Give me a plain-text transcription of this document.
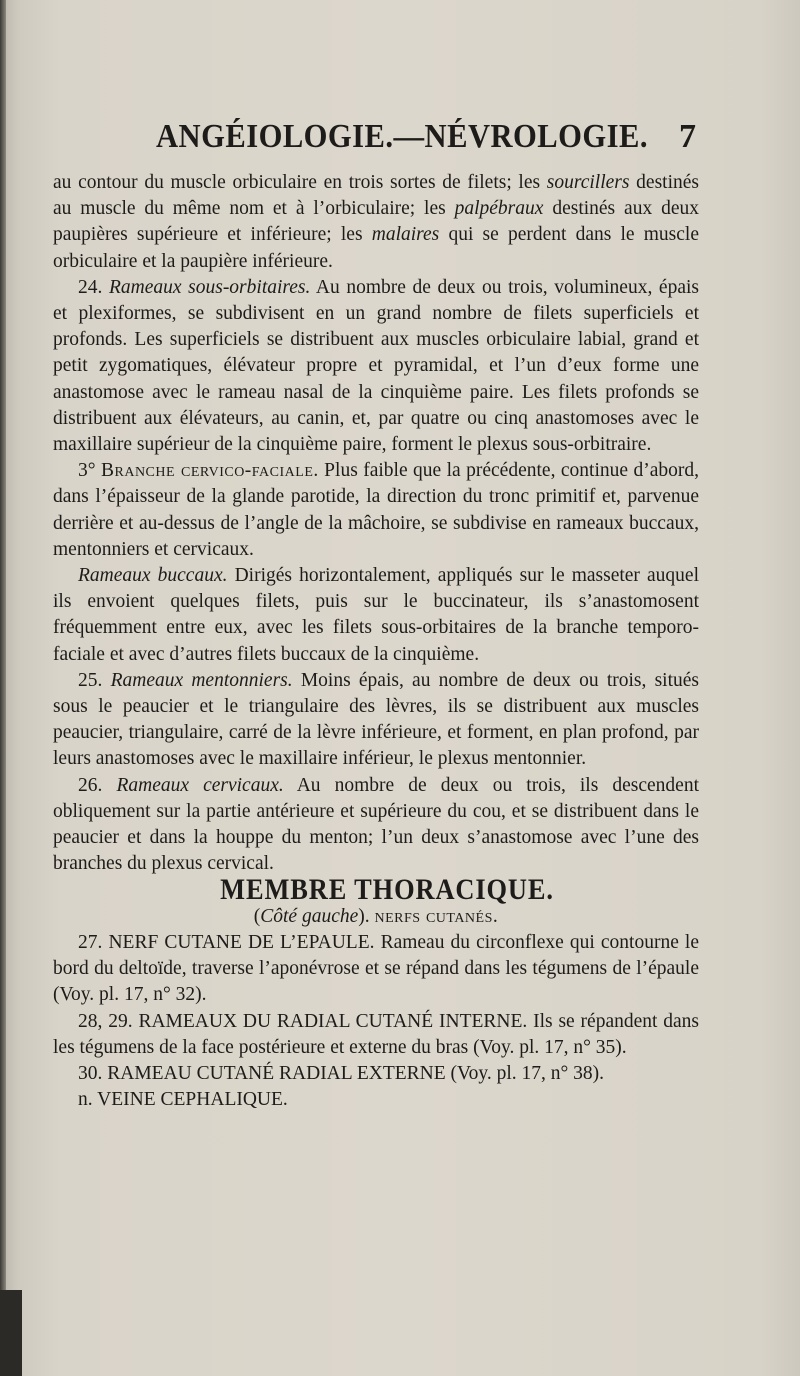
ANGÉIOLOGIE.—NÉVROLOGIE. 7

au contour du muscle orbiculaire en trois sortes de filets; les sourcillers destinés au muscle du même nom et à l’orbiculaire; les palpébraux destinés aux deux paupières supérieure et inférieure; les malaires qui se perdent dans le muscle orbiculaire et la paupière inférieure.

24. Rameaux sous-orbitaires. Au nombre de deux ou trois, volumineux, épais et plexiformes, se subdivisent en un grand nombre de filets superficiels et profonds. Les superficiels se distribuent aux muscles orbiculaire labial, grand et petit zygomatiques, élévateur propre et pyramidal, et l’un d’eux forme une anastomose avec le rameau nasal de la cinquième paire. Les filets profonds se distribuent aux élévateurs, au canin, et, par quatre ou cinq anastomoses avec le maxillaire supérieur de la cinquième paire, forment le plexus sous-orbitraire.

3° Branche cervico-faciale. Plus faible que la précédente, continue d’abord, dans l’épaisseur de la glande parotide, la direction du tronc primitif et, parvenue derrière et au-dessus de l’angle de la mâchoire, se subdivise en rameaux buccaux, mentonniers et cervicaux.

Rameaux buccaux. Dirigés horizontalement, appliqués sur le masseter auquel ils envoient quelques filets, puis sur le buccinateur, ils s’anastomosent fréquemment entre eux, avec les filets sous-orbitaires de la branche temporo-faciale et avec d’autres filets buccaux de la cinquième.

25. Rameaux mentonniers. Moins épais, au nombre de deux ou trois, situés sous le peaucier et le triangulaire des lèvres, ils se distribuent aux muscles peaucier, triangulaire, carré de la lèvre inférieure, et forment, en plan profond, par leurs anastomoses avec le maxillaire inférieur, le plexus mentonnier.

26. Rameaux cervicaux. Au nombre de deux ou trois, ils descendent obliquement sur la partie antérieure et supérieure du cou, et se distribuent dans le peaucier et dans la houppe du menton; l’un deux s’anastomose avec l’une des branches du plexus cervical.

MEMBRE THORACIQUE.

(Côté gauche). nerfs cutanés.

27. NERF CUTANE DE L’EPAULE. Rameau du circonflexe qui contourne le bord du deltoïde, traverse l’aponévrose et se répand dans les tégumens de l’épaule (Voy. pl. 17, n° 32).

28, 29. RAMEAUX DU RADIAL CUTANÉ INTERNE. Ils se répandent dans les tégumens de la face postérieure et externe du bras (Voy. pl. 17, n° 35).

30. RAMEAU CUTANÉ RADIAL EXTERNE (Voy. pl. 17, n° 38).

n. VEINE CEPHALIQUE.
